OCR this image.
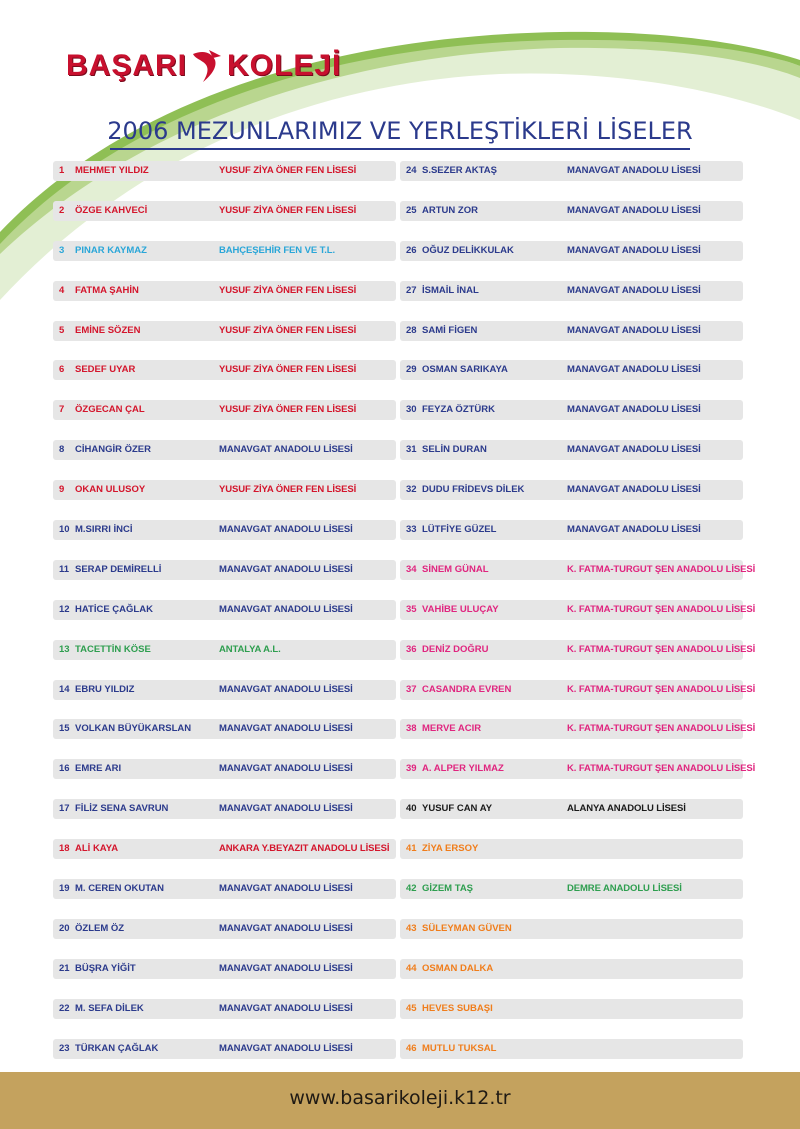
BAŞARI KOLEJİ
2006 MEZUNLARIMIZ VE YERLEŞTİKLERİ LİSELER
1 MEHMET YILDIZ	YUSUF ZİYA ÖNER FEN LİSESİ
2 ÖZGE KAHVECİ	YUSUF ZİYA ÖNER FEN LİSESİ
3 PINAR KAYMAZ	BAHÇEŞEHİR FEN VE T.L.
4 FATMA ŞAHİN	YUSUF ZİYA ÖNER FEN LİSESİ
5 EMİNE SÖZEN	YUSUF ZİYA ÖNER FEN LİSESİ
6 SEDEF UYAR	YUSUF ZİYA ÖNER FEN LİSESİ
7 ÖZGECAN ÇAL	YUSUF ZİYA ÖNER FEN LİSESİ
8 CİHANGİR ÖZER	MANAVGAT ANADOLU LİSESİ
9 OKAN ULUSOY	YUSUF ZİYA ÖNER FEN LİSESİ
10 M.SIRRI İNCİ	MANAVGAT ANADOLU LİSESİ
11 SERAP DEMİRELLİ	MANAVGAT ANADOLU LİSESİ
12 HATİCE ÇAĞLAK	MANAVGAT ANADOLU LİSESİ
13 TACETTİN KÖSE	ANTALYA A.L.
14 EBRU YILDIZ	MANAVGAT ANADOLU LİSESİ
15 VOLKAN BÜYÜKARSLAN	MANAVGAT ANADOLU LİSESİ
16 EMRE ARI	MANAVGAT ANADOLU LİSESİ
17 FİLİZ SENA SAVRUN	MANAVGAT ANADOLU LİSESİ
18 ALİ KAYA	ANKARA Y.BEYAZIT ANADOLU LİSESİ
19 M. CEREN OKUTAN	MANAVGAT ANADOLU LİSESİ
20 ÖZLEM ÖZ	MANAVGAT ANADOLU LİSESİ
21 BÜŞRA YİĞİT	MANAVGAT ANADOLU LİSESİ
22 M. SEFA DİLEK	MANAVGAT ANADOLU LİSESİ
23 TÜRKAN ÇAĞLAK	MANAVGAT ANADOLU LİSESİ
24 S.SEZER AKTAŞ	MANAVGAT ANADOLU LİSESİ
25 ARTUN ZOR	MANAVGAT ANADOLU LİSESİ
26 OĞUZ DELİKKULAK	MANAVGAT ANADOLU LİSESİ
27 İSMAİL İNAL	MANAVGAT ANADOLU LİSESİ
28 SAMİ FİGEN	MANAVGAT ANADOLU LİSESİ
29 OSMAN SARIKAYA	MANAVGAT ANADOLU LİSESİ
30 FEYZA ÖZTÜRK	MANAVGAT ANADOLU LİSESİ
31 SELİN DURAN	MANAVGAT ANADOLU LİSESİ
32 DUDU FRİDEVS DİLEK	MANAVGAT ANADOLU LİSESİ
33 LÜTFİYE GÜZEL	MANAVGAT ANADOLU LİSESİ
34 SİNEM GÜNAL	K. FATMA-TURGUT ŞEN ANADOLU LİSESİ
35 VAHİBE ULUÇAY	K. FATMA-TURGUT ŞEN ANADOLU LİSESİ
36 DENİZ DOĞRU	K. FATMA-TURGUT ŞEN ANADOLU LİSESİ
37 CASANDRA EVREN	K. FATMA-TURGUT ŞEN ANADOLU LİSESİ
38 MERVE ACIR	K. FATMA-TURGUT ŞEN ANADOLU LİSESİ
39 A. ALPER YILMAZ	K. FATMA-TURGUT ŞEN ANADOLU LİSESİ
40 YUSUF CAN AY	ALANYA ANADOLU LİSESİ
41 ZİYA ERSOY
42 GİZEM TAŞ	DEMRE ANADOLU LİSESİ
43 SÜLEYMAN GÜVEN
44 OSMAN DALKA
45 HEVES SUBAŞI
46 MUTLU TUKSAL
www.basarikoleji.k12.tr
